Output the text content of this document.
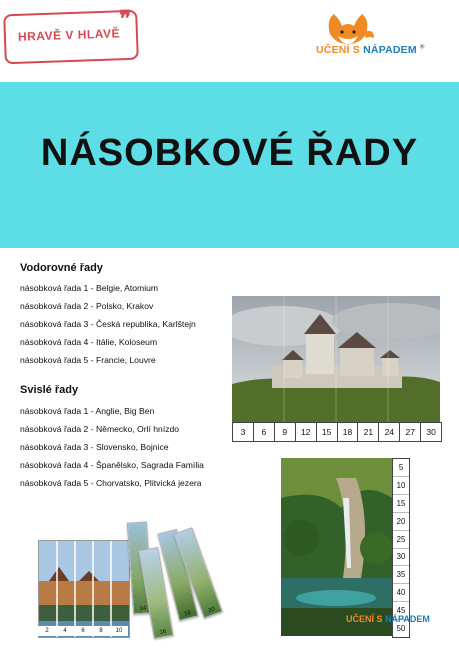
HRAVĚ V HLAVĚ
❞
UČENÍ S NÁPADEM ®
NÁSOBKOVÉ ŘADY
Vodorovné řady
násobková řada 1 - Belgie, Atomium
násobková řada 2 - Polsko, Krakov
násobková řada 3 - Česká republika, Karlštejn
násobková řada 4 - Itálie, Koloseum
násobková řada 5 - Francie, Louvre
Svislé řady
násobková řada 1 - Anglie, Big Ben
násobková řada 2 - Německo, Orlí hnízdo
násobková řada 3 - Slovensko, Bojnice
násobková řada 4 - Španělsko, Sagrada Família
násobková řada 5 - Chorvatsko, Plitvická jezera
3	6	9	12	15	18	21	24	27	30
5
10
15
20
25
30
35
40
45
50
UČENÍ S NÁPADEM
2	4	6	8	10
14
16
18	20
